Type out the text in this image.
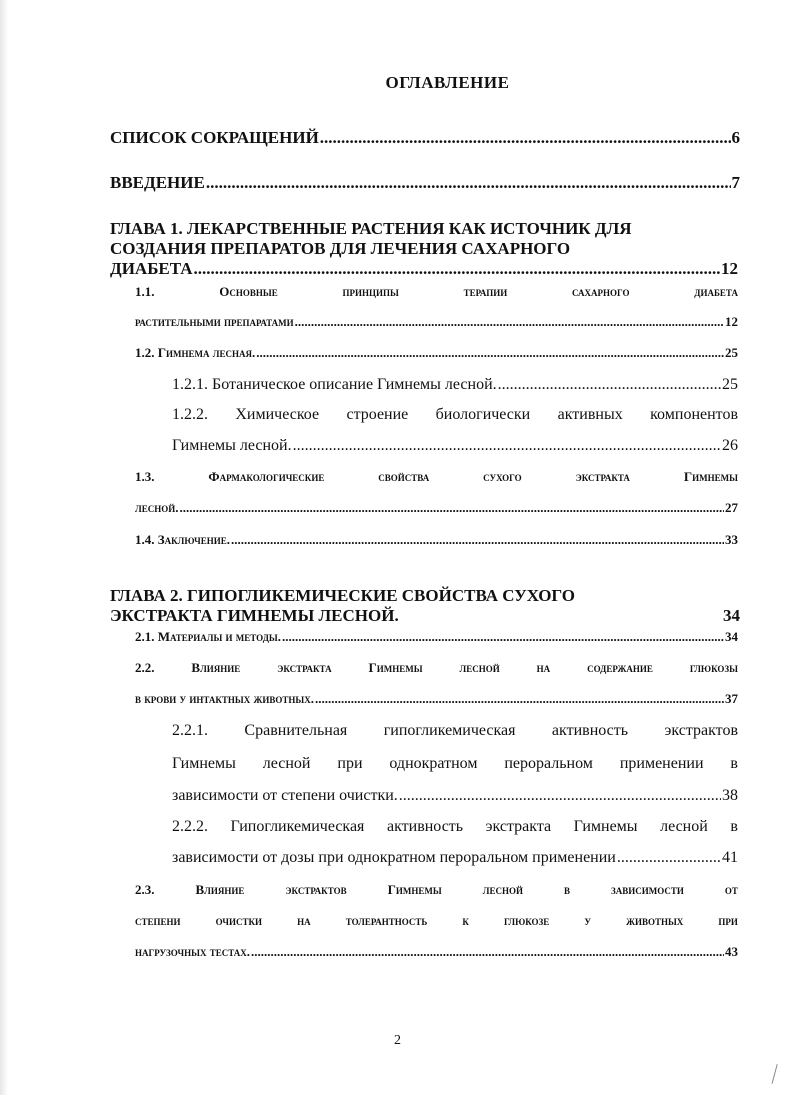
ОГЛАВЛЕНИЕ
СПИСОК СОКРАЩЕНИЙ .....	6
ВВЕДЕНИЕ .....	7
ГЛАВА 1. ЛЕКАРСТВЕННЫЕ РАСТЕНИЯ КАК ИСТОЧНИК ДЛЯ
СОЗДАНИЯ ПРЕПАРАТОВ ДЛЯ ЛЕЧЕНИЯ САХАРНОГО
ДИАБЕТА .....	12
1.1.	Основные	принципы	терапии	сахарного	диабета
растительными препаратами .....	12
1.2. Гимнема лесная. .....	25
1.2.1. Ботаническое описание Гимнемы лесной. .....	25
1.2.2. Химическое строение биологически активных компонентов
Гимнемы лесной. .....	26
1.3.	Фармакологические	свойства	сухого	экстракта	Гимнемы
лесной. .....	27
1.4. Заключение. .....	33
ГЛАВА 2. ГИПОГЛИКЕМИЧЕСКИЕ СВОЙСТВА СУХОГО
ЭКСТРАКТА ГИМНЕМЫ ЛЕСНОЙ.	34
2.1. Материалы и методы. .....	34
2.2.	Влияние	экстракта	Гимнемы	лесной	на	содержание	глюкозы
в крови у интактных животных. .....	37
2.2.1. Сравнительная гипогликемическая активность экстрактов
Гимнемы лесной при однократном пероральном применении в
зависимости от степени очистки. .....	38
2.2.2. Гипогликемическая активность экстракта Гимнемы лесной в
зависимости от дозы при однократном пероральном применении .....	41
2.3.	Влияние	экстрактов	Гимнемы	лесной	в	зависимости	от
степени	очистки	на	толерантность	к	глюкозе	у	животных	при
нагрузочных тестах. .....	43
2
